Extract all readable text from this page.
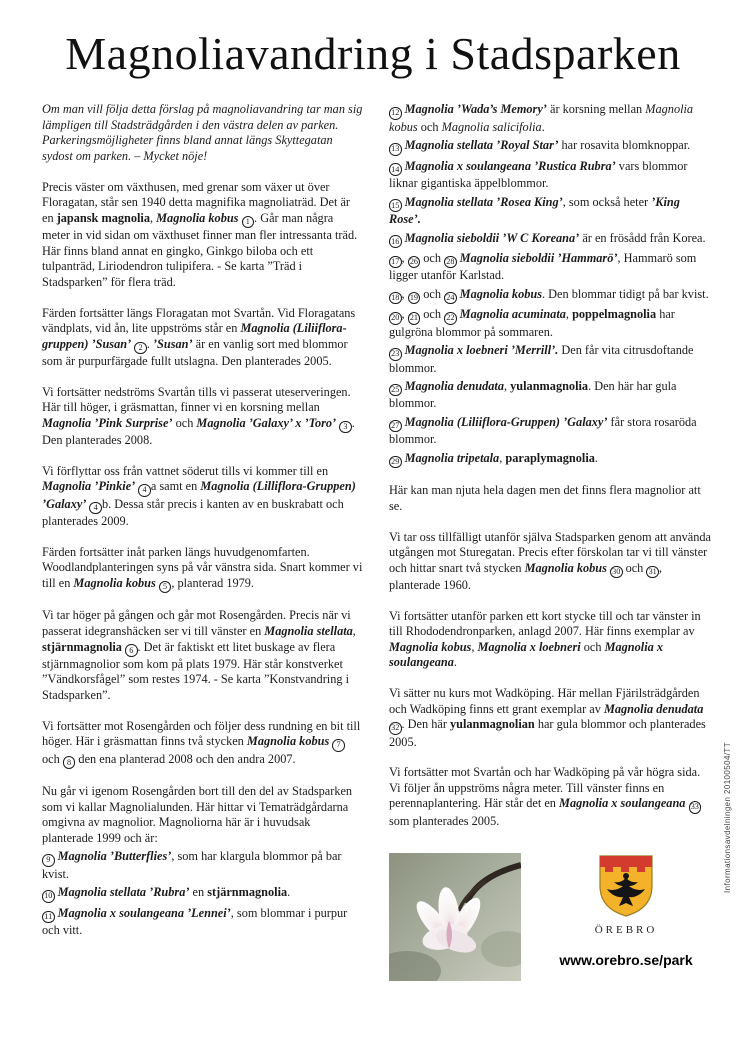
Magnoliavandring i Stadsparken

Om man vill följa detta förslag på magnoliavandring tar man sig lämpligen till Stadsträdgården i den västra delen av parken. Parkeringsmöjligheter finns bland annat längs Skyttegatan sydost om parken. – Mycket nöje!

Precis väster om växthusen, med grenar som växer ut över Floragatan, står sen 1940 detta magnifika magnoliaträd. Det är en japansk magnolia, Magnolia kobus 1 . Går man några meter in vid sidan om växthuset finner man fler intressanta träd. Här finns bland annat en gingko, Ginkgo biloba och ett tulpanträd, Liriodendron tulipifera. - Se karta ”Träd i Stadsparken” för flera träd.

Färden fortsätter längs Floragatan mot Svartån. Vid Floragatans vändplats, vid ån, lite uppströms står en Magnolia (Liliiflora-gruppen) ’Susan’ 2 . ’Susan’ är en vanlig sort med blommor som är purpurfärgade fullt utslagna. Den planterades 2005.

Vi fortsätter nedströms Svartån tills vi passerat uteserveringen. Här till höger, i gräsmattan, finner vi en korsning mellan Magnolia ’Pink Surprise’ och Magnolia ’Galaxy’ x ’Toro’ 3 . Den planterades 2008.

Vi förflyttar oss från vattnet söderut tills vi kommer till en Magnolia ’Pinkie’ 4 a samt en Magnolia (Lilliflora-Gruppen) ’Galaxy’ 4 b. Dessa står precis i kanten av en buskrabatt och planterades 2009.

Färden fortsätter inåt parken längs huvudgenomfarten. Woodlandplanteringen syns på vår vänstra sida. Snart kommer vi till en Magnolia kobus 5 , planterad 1979.

Vi tar höger på gången och går mot Rosengården. Precis när vi passerat idegranshäcken ser vi till vänster en Magnolia stellata, stjärnmagnolia 6 . Det är faktiskt ett litet buskage av flera stjärnmagnolior som kom på plats 1979. Här står konstverket ”Vändkorsfågel” som restes 1974. - Se karta ”Konstvandring i Stadsparken”.

Vi fortsätter mot Rosengården och följer dess rundning en bit till höger. Här i gräsmattan finns två stycken Magnolia kobus 7 och 8 den ena planterad 2008 och den andra 2007.

Nu går vi igenom Rosengården bort till den del av Stadsparken som vi kallar Magnolialunden. Här hittar vi Tematrädgårdarna omgivna av magnolior. Magnoliorna här är i huvudsak planterade 1999 och är:

9 Magnolia ’Butterflies’, som har klargula blommor på bar kvist.

10 Magnolia stellata ’Rubra’ en stjärnmagnolia.

11 Magnolia x soulangeana ’Lennei’, som blommar i purpur och vitt.

12 Magnolia ’Wada’s Memory’ är korsning mellan Magnolia kobus och Magnolia salicifolia.

13 Magnolia stellata ’Royal Star’ har rosavita blomknoppar.

14 Magnolia x soulangeana ’Rustica Rubra’ vars blommor liknar gigantiska äppelblommor.

15 Magnolia stellata ’Rosea King’, som också heter ’King Rose’.

16 Magnolia sieboldii ’W C Koreana’ är en frösådd från Korea.

17 , 26 och 28 Magnolia sieboldii ’Hammarö’, Hammarö som ligger utanför Karlstad.

18 , 19 och 24 Magnolia kobus. Den blommar tidigt på bar kvist.

20 , 21 och 22 Magnolia acuminata, poppelmagnolia har gulgröna blommor på sommaren.

23 Magnolia x loebneri ’Merrill’. Den får vita citrusdoftande blommor.

25 Magnolia denudata, yulanmagnolia. Den här har gula blommor.

27 Magnolia (Liliiflora-Gruppen) ’Galaxy’ får stora rosaröda blommor.

29 Magnolia tripetala, paraplymagnolia.

Här kan man njuta hela dagen men det finns flera magnolior att se.

Vi tar oss tillfälligt utanför själva Stadsparken genom att använda utgången mot Sturegatan. Precis efter förskolan tar vi till vänster och hittar snart två stycken Magnolia kobus 30 och 31 , planterade 1960.

Vi fortsätter utanför parken ett kort stycke till och tar vänster in till Rhododendronparken, anlagd 2007. Här finns exemplar av Magnolia kobus, Magnolia x loebneri och Magnolia x soulangeana.

Vi sätter nu kurs mot Wadköping. Här mellan Fjärilsträdgården och Wadköping finns ett grant exemplar av Magnolia denudata 32 . Den här yulanmagnolian har gula blommor och planterades 2005.

Vi fortsätter mot Svartån och har Wadköping på vår högra sida. Vi följer ån uppströms några meter. Till vänster finns en perennaplantering. Här står det en Magnolia x soulangeana 33 som planterades 2005.

ÖREBRO
www.orebro.se/park
Informationsavdelningen 20100504/TT
